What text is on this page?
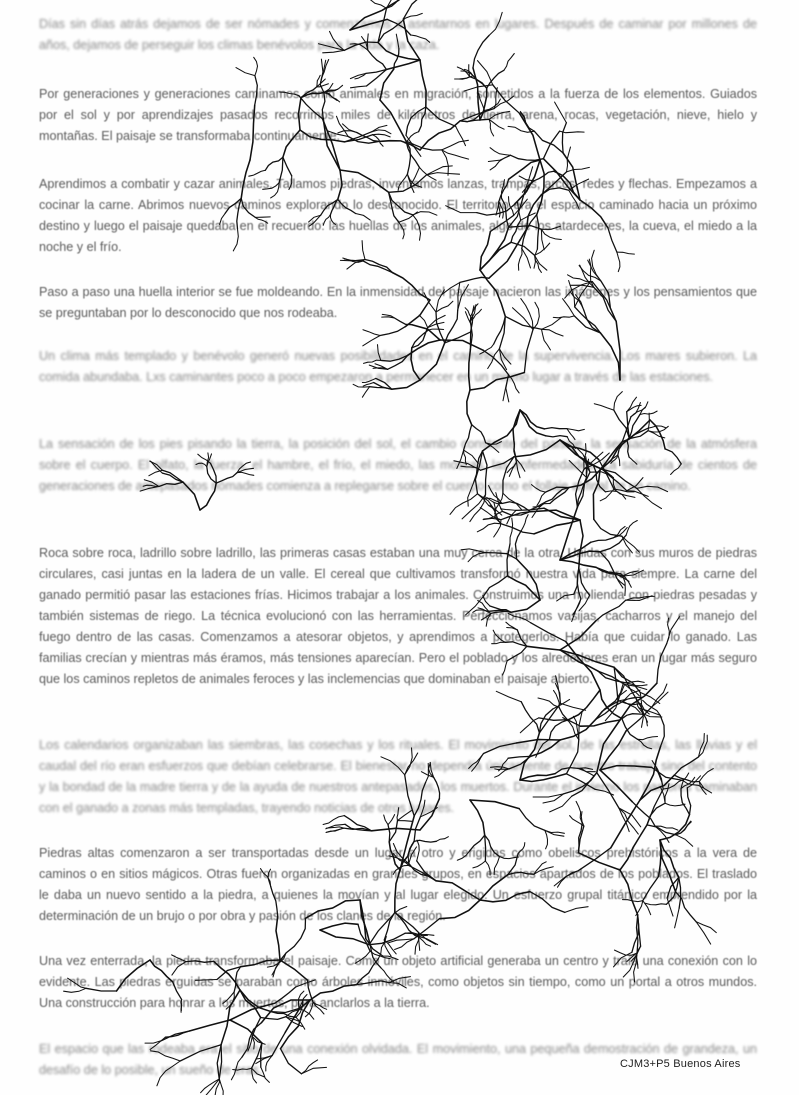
Días sin días atrás dejamos de ser nómades y comenzamos a asentarnos en lugares. Después de caminar por millones de años, dejamos de perseguir los climas benévolos para la vida y la caza.

Por generaciones y generaciones caminamos como animales en migración, sometidos a la fuerza de los elementos. Guiados por el sol y por aprendizajes pasados recorrimos miles de kilómetros de tierra, arena, rocas, vegetación, nieve, hielo y montañas. El paisaje se transformaba continuamente.

Aprendimos a combatir y cazar animales. Tallamos piedras, inventamos lanzas, trampas, arcos, redes y flechas. Empezamos a cocinar la carne. Abrimos nuevos caminos explorando lo desconocido. El territorio era el espacio caminado hacia un próximo destino y luego el paisaje quedaba en el recuerdo: las huellas de los animales, algo de los atardeceres, la cueva, el miedo a la noche y el frío.

Paso a paso una huella interior se fue moldeando. En la inmensidad del paisaje nacieron las imágenes y los pensamientos que se preguntaban por lo desconocido que nos rodeaba.

Un clima más templado y benévolo generó nuevas posibilidades en el camino de la supervivencia. Los mares subieron. La comida abundaba. Lxs caminantes poco a poco empezaron a permanecer en un mismo lugar a través de las estaciones.

La sensación de los pies pisando la tierra, la posición del sol, el cambio constante del paisaje, la sensación de la atmósfera sobre el cuerpo. El olfato, la fuerza, el hambre, el frío, el miedo, las moscas, las enfermedades. La sabiduría de cientos de generaciones de antepasados nómades comienza a replegarse sobre el cuerpo como el follaje al final de un camino.

Roca sobre roca, ladrillo sobre ladrillo, las primeras casas estaban una muy cerca de la otra. Unidas con sus muros de piedras circulares, casi juntas en la ladera de un valle. El cereal que cultivamos transformó nuestra vida para siempre. La carne del ganado permitió pasar las estaciones frías. Hicimos trabajar a los animales. Construimos una molienda con piedras pesadas y también sistemas de riego. La técnica evolucionó con las herramientas. Perfeccionamos vasijas, cacharros y el manejo del fuego dentro de las casas. Comenzamos a atesorar objetos, y aprendimos a protegerlos. Había que cuidar lo ganado. Las familias crecían y mientras más éramos, más tensiones aparecían. Pero el poblado y los alrededores eran un lugar más seguro que los caminos repletos de animales feroces y las inclemencias que dominaban el paisaje abierto.

Los calendarios organizaban las siembras, las cosechas y los rituales. El movimiento del sol, de las estrellas, las lluvias y el caudal del río eran esfuerzos que debían celebrarse. El bienestar no dependía únicamente de nuestro trabajo sino del contento y la bondad de la madre tierra y de la ayuda de nuestros antepasados, los muertos. Durante el invierno los pastores caminaban con el ganado a zonas más templadas, trayendo noticias de otros lugares.

Piedras altas comenzaron a ser transportadas desde un lugar a otro y erigidas como obeliscos prehistóricos a la vera de caminos o en sitios mágicos. Otras fueron organizadas en grandes grupos, en espacios apartados de los poblados. El traslado le daba un nuevo sentido a la piedra, a quienes la movían y al lugar elegido. Un esfuerzo grupal titánico emprendido por la determinación de un brujo o por obra y pasión de los clanes de la región.

Una vez enterrada, la piedra transformaba el paisaje. Como un objeto artificial generaba un centro y traía una conexión con lo evidente. Las piedras erguidas se paraban como árboles inmóviles, como objetos sin tiempo, como un portal a otros mundos. Una construcción para honrar a los muertos, para anclarlos a la tierra.

El espacio que las rodeaba era el sitio de una conexión olvidada. El movimiento, una pequeña demostración de grandeza, un desafío de lo posible, un sueño de eras.	CJM3+P5 Buenos Aires
